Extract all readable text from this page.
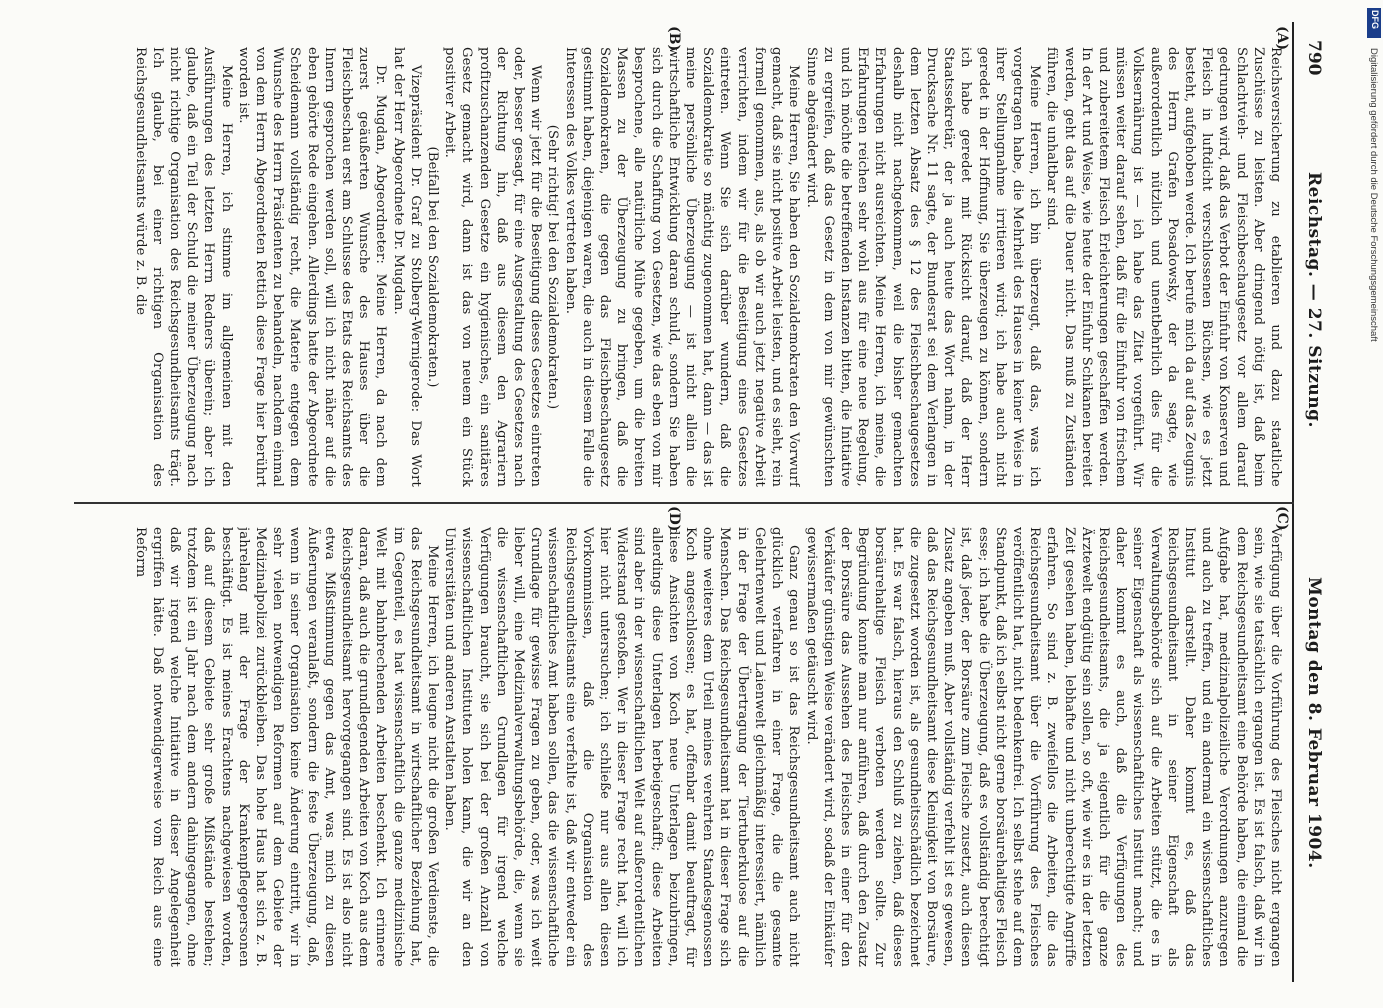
790
Reichstag. — 27. Sitzung.
Montag den 8. Februar 1904.
(A)
(B)
(C)
(D)

Reichsversicherung zu etablieren und dazu staatliche Zuschüsse zu leisten. Aber dringend nötig ist, daß beim Schlachtvieh- und Fleischbeschaugesetz vor allem darauf gedrungen wird, daß das Verbot der Einfuhr von Konserven und Fleisch in luftdicht verschlossenen Büchsen, wie es jetzt besteht, aufgehoben werde. Ich berufe mich da auf das Zeugnis des Herrn Grafen Posadowsky, der da sagte, wie außerordentlich nützlich und unentbehrlich dies für die Volksernährung ist — ich habe das Zitat vorgeführt. Wir müssen weiter darauf sehen, daß für die Einfuhr von frischem und zubereitetem Fleisch Erleichterungen geschaffen werden. In der Art und Weise, wie heute der Einfuhr Schikanen bereitet werden, geht das auf die Dauer nicht. Das muß zu Zuständen führen, die unhaltbar sind.

Meine Herren, ich bin überzeugt, daß das, was ich vorgetragen habe, die Mehrheit des Hauses in keiner Weise in ihrer Stellungnahme irritieren wird; ich habe auch nicht geredet in der Hoffnung, Sie überzeugen zu können, sondern ich habe geredet mit Rücksicht darauf, daß der Herr Staatssekretär, der ja auch heute das Wort nahm, in der Drucksache Nr. 11 sagte, der Bundesrat sei dem Verlangen in dem letzten Absatz des § 12 des Fleischbeschaugesetzes deshalb nicht nachgekommen, weil die bisher gemachten Erfahrungen nicht ausreichten. Meine Herren, ich meine, die Erfahrungen reichen sehr wohl aus für eine neue Regelung, und ich möchte die betreffenden Instanzen bitten, die Initiative zu ergreifen, daß das Gesetz in dem von mir gewünschten Sinne abgeändert wird.

Meine Herren, Sie haben den Sozialdemokraten den Vorwurf gemacht, daß sie nicht positive Arbeit leisten, und es sieht, rein formell genommen, aus, als ob wir auch jetzt negative Arbeit verrichten, indem wir für die Beseitigung eines Gesetzes eintreten. Wenn Sie sich darüber wundern, daß die Sozialdemokratie so mächtig zugenommen hat, dann — das ist meine persönliche Überzeugung — ist nicht allein die wirtschaftliche Entwicklung daran schuld, sondern Sie haben sich durch die Schaffung von Gesetzen, wie das eben von mir besprochene, alle natürliche Mühe gegeben, um die breiten Massen zu der Überzeugung zu bringen, daß die Sozialdemokraten, die gegen das Fleischbeschaugesetz gestimmt haben, diejenigen waren, die auch in diesem Falle die Interessen des Volkes vertreten haben.

(Sehr richtig! bei den Sozialdemokraten.)

Wenn wir jetzt für die Beseitigung dieses Gesetzes eintreten oder, besser gesagt, für eine Ausgestaltung des Gesetzes nach der Richtung hin, daß aus diesem den Agrariern profitzuschanzenden Gesetze ein hygienisches, ein sanitäres Gesetz gemacht wird, dann ist das von neuem ein Stück positiver Arbeit.

(Beifall bei den Sozialdemokraten.)

Vizepräsident Dr. Graf zu Stolberg-Wernigerode: Das Wort hat der Herr Abgeordnete Dr. Mugdan.

Dr. Mugdan, Abgeordneter: Meine Herren, da nach dem zuerst geäußerten Wunsche des Hauses über die Fleischbeschau erst am Schlusse des Etats des Reichsamts des Innern gesprochen werden soll, will ich nicht näher auf die eben gehörte Rede eingehen. Allerdings hatte der Abgeordnete Scheidemann vollständig recht, die Materie entgegen dem Wunsche des Herrn Präsidenten zu behandeln, nachdem einmal von dem Herrn Abgeordneten Rettich diese Frage hier berührt worden ist.

Meine Herren, ich stimme im allgemeinen mit den Ausführungen des letzten Herrn Redners überein; aber ich glaube, daß ein Teil der Schuld die meiner Überzeugung nach nicht richtige Organisation des Reichsgesundheitsamts trägt. Ich glaube, bei einer richtigen Organisation des Reichsgesundheitsamts würde z. B. die

Verfügung über die Vorführung des Fleisches nicht ergangen sein, wie sie tatsächlich ergangen ist. Es ist falsch, daß wir in dem Reichsgesundheitsamt eine Behörde haben, die einmal die Aufgabe hat, medizinalpolizeiliche Verordnungen anzuregen und auch zu treffen, und ein andermal ein wissenschaftliches Institut darstellt. Daher kommt es, daß das Reichsgesundheitsamt in seiner Eigenschaft als Verwaltungsbehörde sich auf die Arbeiten stützt, die es in seiner Eigenschaft als wissenschaftliches Institut macht; und daher kommt es auch, daß die Verfügungen des Reichsgesundheitsamts, die ja eigentlich für die ganze Ärztewelt endgültig sein sollen, so oft, wie wir es in der letzten Zeit gesehen haben, lebhafte und nicht unberechtigte Angriffe erfahren. So sind z. B. zweifellos die Arbeiten, die das Reichsgesundheitsamt über die Vorführung des Fleisches veröffentlicht hat, nicht bedenkenfrei. Ich selbst stehe auf dem Standpunkt, daß ich selbst nicht gerne borsäurehaltiges Fleisch esse; ich habe die Überzeugung, daß es vollständig berechtigt ist, daß jeder, der Borsäure zum Fleische zusetzt, auch diesen Zusatz angeben muß. Aber vollständig verfehlt ist es gewesen, daß das Reichsgesundheitsamt diese Kleinigkeit von Borsäure, die zugesetzt worden ist, als gesundheitsschädlich bezeichnet hat. Es war falsch, hieraus den Schluß zu ziehen, daß dieses borsäurehaltige Fleisch verboten werden sollte. Zur Begründung konnte man nur anführen, daß durch den Zusatz der Borsäure das Aussehen des Fleisches in einer für den Verkäufer günstigen Weise verändert wird, sodaß der Einkäufer gewissermaßen getäuscht wird.

Ganz genau so ist das Reichsgesundheitsamt auch nicht glücklich verfahren in einer Frage, die die gesamte Gelehrtenwelt und Laienwelt gleichmäßig interessiert, nämlich in der Frage der Übertragung der Tiertuberkulose auf die Menschen. Das Reichsgesundheitsamt hat in dieser Frage sich ohne weiteres dem Urteil meines verehrten Standesgenossen Koch angeschlossen; es hat, offenbar damit beauftragt, für diese Ansichten von Koch neue Unterlagen beizubringen, allerdings diese Unterlagen herbeigeschafft; diese Arbeiten sind aber in der wissenschaftlichen Welt auf außerordentlichen Widerstand gestoßen. Wer in dieser Frage recht hat, will ich hier nicht untersuchen; ich schließe nur aus allen diesen Vorkommnissen, daß die Organisation des Reichsgesundheitsamts eine verfehlte ist, daß wir entweder ein wissenschaftliches Amt haben sollen, das die wissenschaftliche Grundlage für gewisse Fragen zu geben, oder, was ich weit lieber will, eine Medizinalverwaltungsbehörde, die, wenn sie die wissenschaftlichen Grundlagen für irgend welche Verfügungen braucht, sie sich bei der großen Anzahl von wissenschaftlichen Instituten holen kann, die wir an den Universitäten und anderen Anstalten haben.

Meine Herren, ich leugne nicht die großen Verdienste, die das Reichsgesundheitsamt in wirtschaftlicher Beziehung hat, im Gegenteil, es hat wissenschaftlich die ganze medizinische Welt mit bahnbrechenden Arbeiten beschenkt. Ich erinnere daran, daß auch die grundlegenden Arbeiten von Koch aus dem Reichsgesundheitsamt hervorgegangen sind. Es ist also nicht etwa Mißstimmung gegen das Amt, was mich zu diesen Äußerungen veranlaßt, sondern die feste Überzeugung, daß, wenn in seiner Organisation keine Änderung eintritt, wir in sehr vielen notwendigen Reformen auf dem Gebiete der Medizinalpolizei zurückbleiben. Das hohe Haus hat sich z. B. jahrelang mit der Frage der Krankenpflegepersonen beschäftigt. Es ist meines Erachtens nachgewiesen worden, daß auf diesem Gebiete sehr große Mißstände bestehen; trotzdem ist ein Jahr nach dem andern dahingegangen, ohne daß wir irgend welche Initiative in dieser Angelegenheit ergriffen hätte. Daß notwendigerweise vom Reich aus eine Reform

Digitalisierung gefördert durch die Deutsche Forschungsgemeinschaft
DFG
